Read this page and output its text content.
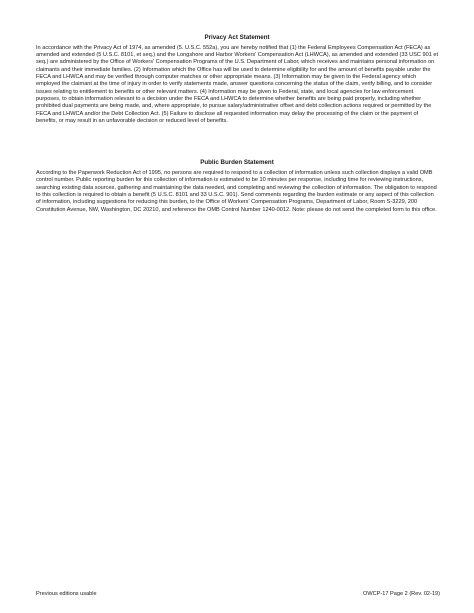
Privacy Act Statement

In accordance with the Privacy Act of 1974, as amended (5. U.S.C. 552a), you are hereby notified that (1) the Federal Employees Compensation Act (FECA) as amended and extended (5 U.S.C. 8101, et seq.) and the Longshore and Harbor Workers' Compensation Act (LHWCA), as amended and extended (33 USC 901 et seq.) are administered by the Office of Workers' Compensation Programs of the U.S. Department of Labor, which receives and maintains personal information on claimants and their immediate families. (2) Information which the Office has will be used to determine eligibility for and the amount of benefits payable under the FECA and LHWCA and may be verified through computer matches or other appropriate means. (3) Information may be given to the Federal agency which employed the claimant at the time of injury in order to verify statements made, answer questions concerning the status of the claim, verify billing, and to consider issues relating to entitlement to benefits or other relevant matters. (4) Information may be given to Federal, state, and local agencies for law enforcement purposes, to obtain information relevant to a decision under the FECA and LHWCA to determine whether benefits are being paid properly, including whether prohibited dual payments are being made, and, where appropriate, to pursue salary/administrative offset and debt collection actions required or permitted by the FECA and LHWCA and/or the Debt Collection Act. (5) Failure to disclose all requested information may delay the processing of the claim or the payment of benefits, or may result in an unfavorable decision or reduced level of benefits.

Public Burden Statement

According to the Paperwork Reduction Act of 1995, no persons are required to respond to a collection of information unless such collection displays a valid OMB control number. Public reporting burden for this collection of information is estimated to be 10 minutes per response, including time for reviewing instructions, searching existing data sources, gathering and maintaining the data needed, and completing and reviewing the collection of information. The obligation to respond to this collection is required to obtain a benefit (5 U.S.C. 8101 and 33 U.S.C. 901). Send comments regarding the burden estimate or any aspect of this collection of information, including suggestions for reducing this burden, to the Office of Workers' Compensation Programs, Department of Labor, Room S-3229, 200 Constitution Avenue, NW, Washington, DC 20210, and reference the OMB Control Number 1240-0012. Note: please do not send the completed form to this office.

Previous editions usable	OWCP-17 Page 2 (Rev. 02-19)
